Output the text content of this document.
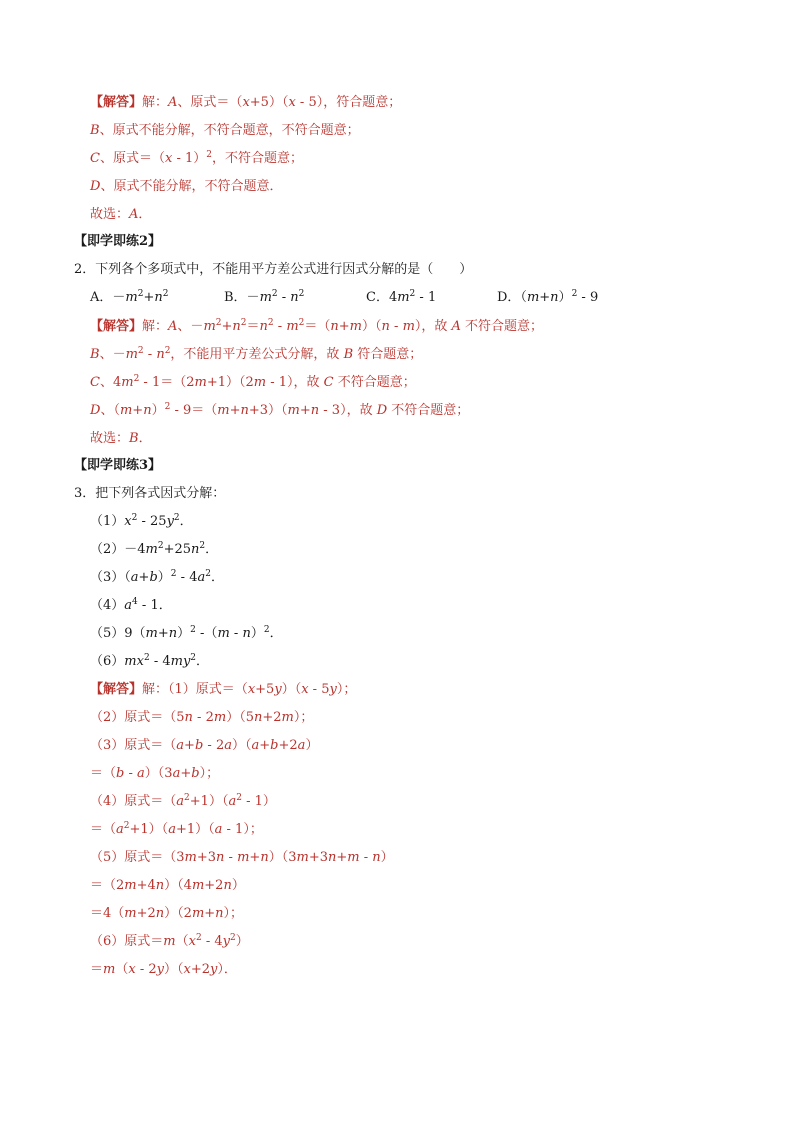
【解答】解：A、原式＝（x+5）（x - 5），符合题意；
B、原式不能分解，不符合题意，不符合题意；
C、原式＝（x - 1）$^2$，不符合题意；
D、原式不能分解，不符合题意．
故选：A．
【即学即练2】
2．下列各个多项式中，不能用平方差公式进行因式分解的是（　　）
A．$-m^2+n^2$	B．$-m^2 - n^2$	C．$4m^2 - 1$	D．$(m+n)^2 - 9$
【解答】解：A、$-m^2+n^2=n^2 - m^2=(n+m)(n - m)$，故 A 不符合题意；
B、$-m^2 - n^2$，不能用平方差公式分解，故 B 符合题意；
C、$4m^2 - 1=(2m+1)(2m - 1)$，故 C 不符合题意；
D、$(m+n)^2 - 9=(m+n+3)(m+n - 3)$，故 D 不符合题意；
故选：B．
【即学即练3】
3．把下列各式因式分解：
$(1)x^2 - 25y^2$．
$(2)-4m^2+25n^2$．
$(3)(a+b)^2 - 4a^2$．
$(4)a^4 - 1$．
$(5)9(m+n)^2$ -（m - n）$^2$．
$(6)mx^2 - 4my^2$．
【解答】解：（1）原式＝（x+5y）（x - 5y）；
（2）原式＝（5n - 2m）（5n+2m）；
（3）原式＝（a+b - 2a）（a+b+2a）
＝（b - a）（3a+b）；
（4）原式$=(a^2+1)(a^2 - 1)$
$=(a^2+1)(a+1)(a - 1)$；
（5）原式＝（3m+3n - m+n）（3m+3n+m - n）
＝（2m+4n）（4m+2n）
＝4（m+2n）（2m+n）；
（6）原式$=m(x^2 - 4y^2)$
＝m（x - 2y）（x+2y）．
